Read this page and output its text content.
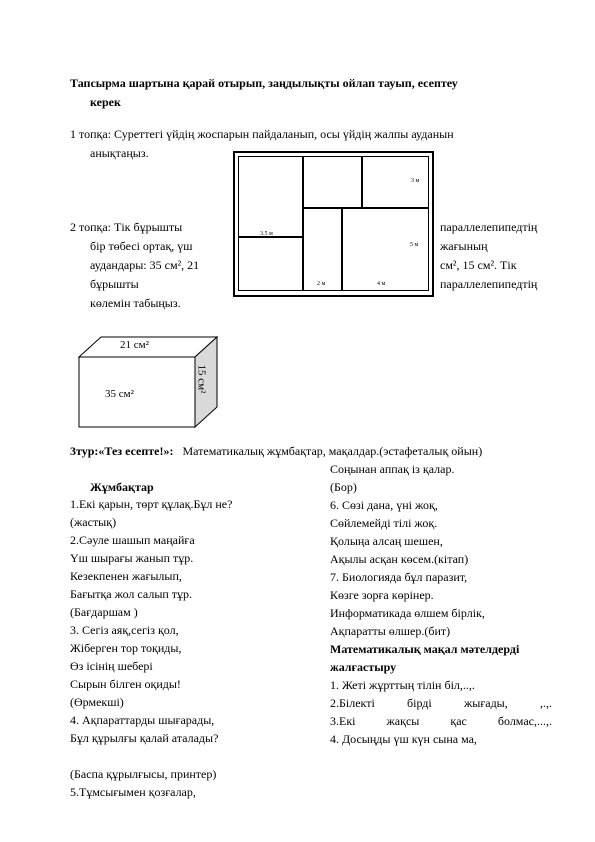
Тапсырма шартына қарай отырып, заңдылықты ойлап тауып, есептеу
керек
1 топқа: Суреттегі үйдің жоспарын пайдаланып, осы үйдің жалпы ауданын
анықтаңыз.
3 м
3.5 м
5 м
2 м	4 м
2 топқа: Тік бұрышты
бір төбесі ортақ, үш
аудандары: 35 см², 21
бұрышты
көлемін табыңыз.
параллелепипедтің
жағының
см², 15 см². Тік
параллелепипедтің
21 см²
35 см²
15 см²
3тур:«Тез есепте!»: Математикалық жұмбақтар, мақалдар.(эстафеталық ойын)
Жұмбақтар
1.Екі қарын, төрт құлақ.Бұл не?
(жастық)
2.Сәуле шашып маңайға
Үш шырағы жанып тұр.
Кезекпенен жағылып,
Бағытқа жол салып тұр.
(Бағдаршам )
3. Сегіз аяқ,сегіз қол,
Жіберген тор тоқиды,
Өз ісінің шебері
Сырын білген оқиды!
(Өрмекші)
4. Ақпараттарды шығарады,
Бұл құрылғы қалай аталады?
(Баспа құрылғысы, принтер)
5.Тұмсығымен қозғалар,
Соңынан аппақ із қалар.
(Бор)
6. Сөзі дана, үні жоқ,
Сөйлемейді тілі жоқ.
Қолыңа алсаң шешен,
Ақылы асқан көсем.(кітап)
7. Биологияда бұл паразит,
Көзге зорға көрінер.
Информатикада өлшем бірлік,
Ақпаратты өлшер.(бит)
Математикалық мақал мәтелдерді
жалғастыру
1. Жеті жұрттың тілін біл,..,.
2.Білекті	бірді	жығады,	,.,.
3.Екі	жақсы	қас	болмас,...,.
4. Досыңды үш күн сына ма,
